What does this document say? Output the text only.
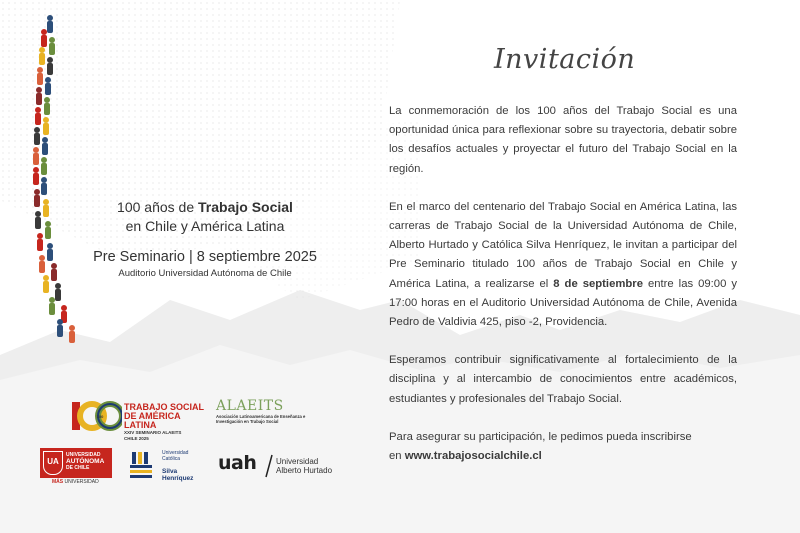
100 años de Trabajo Social
en Chile y América Latina
Pre Seminario | 8 septiembre 2025
Auditorio Universidad Autónoma de Chile
100
TRABAJO SOCIAL
DE AMÉRICA LATINA
XXIV SEMINARIO ALAEITS
CHILE 2025
ALAEITS
Asociación Latinoamericana de Enseñanza e
Investigación en Trabajo Social
UA
UNIVERSIDAD
AUTÓNOMA
DE CHILE
MÁS UNIVERSIDAD
Universidad
Católica
Silva
Henríquez
uah Universidad
Alberto Hurtado
Invitación

La conmemoración de los 100 años del Trabajo Social es una oportunidad única para reflexionar sobre su trayectoria, debatir sobre los desafíos actuales y proyectar el futuro del Trabajo Social en la región.

En el marco del centenario del Trabajo Social en América Latina, las carreras de Trabajo Social de la Universidad Autónoma de Chile, Alberto Hurtado y Católica Silva Henríquez, le invitan a participar del Pre Seminario titulado 100 años de Trabajo Social en Chile y América Latina, a realizarse el 8 de septiembre entre las 09:00 y 17:00 horas en el Auditorio Universidad Autónoma de Chile, Avenida Pedro de Valdivia 425, piso -2, Providencia.

Esperamos contribuir significativamente al fortalecimiento de la disciplina y al intercambio de conocimientos entre académicos, estudiantes y profesionales del Trabajo Social.

Para asegurar su participación, le pedimos pueda inscribirse
en www.trabajosocialchile.cl
